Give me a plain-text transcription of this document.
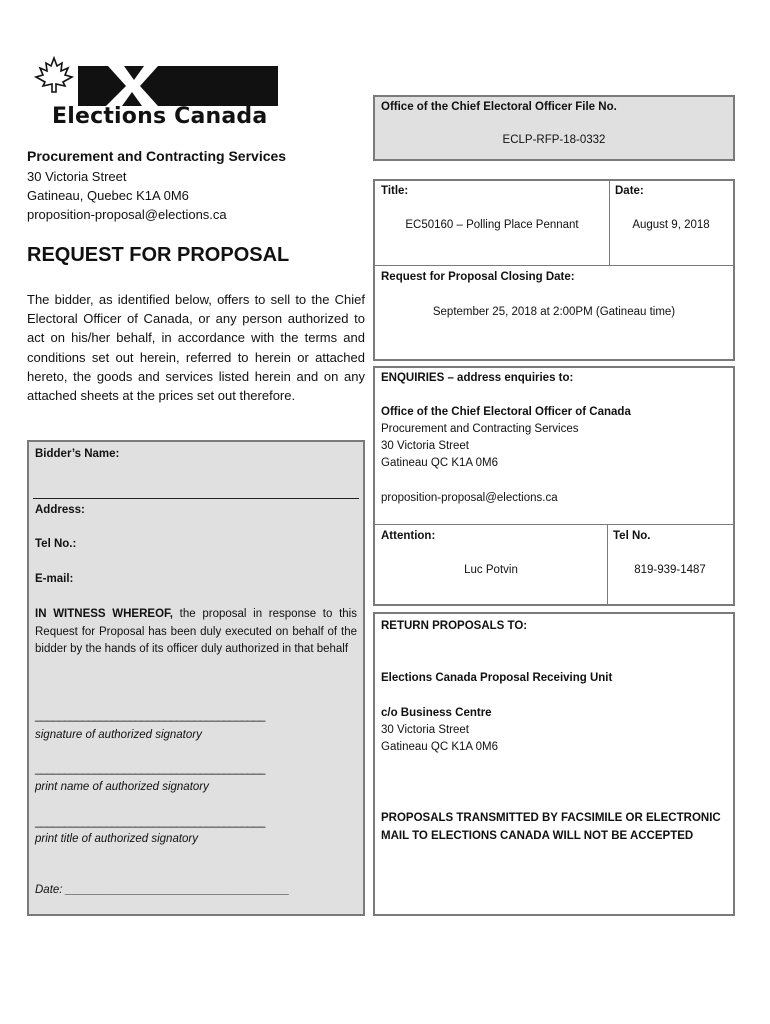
Elections Canada
Procurement and Contracting Services
30 Victoria Street
Gatineau, Quebec K1A 0M6
proposition-proposal@elections.ca
REQUEST FOR PROPOSAL
The bidder, as identified below, offers to sell to the Chief Electoral Officer of Canada, or any person authorized to act on his/her behalf, in accordance with the terms and conditions set out herein, referred to herein or attached hereto, the goods and services listed herein and on any attached sheets at the prices set out therefore.
Bidder’s Name:
Address:
Tel No.:
E-mail:
IN WITNESS WHEREOF, the proposal in response to this Request for Proposal has been duly executed on behalf of the bidder by the hands of its officer duly authorized in that behalf
_______________________________________
signature of authorized signatory
_______________________________________
print name of authorized signatory
_______________________________________
print title of authorized signatory
Date: ___________________________________
Office of the Chief Electoral Officer File No.
ECLP-RFP-18-0332
Title:	Date:
EC50160 – Polling Place Pennant	August 9, 2018
Request for Proposal Closing Date:
September 25, 2018 at 2:00PM (Gatineau time)
ENQUIRIES – address enquiries to:
Office of the Chief Electoral Officer of Canada
Procurement and Contracting Services
30 Victoria Street
Gatineau QC K1A 0M6
proposition-proposal@elections.ca
Attention:	Tel No.
Luc Potvin	819-939-1487
RETURN PROPOSALS TO:
Elections Canada Proposal Receiving Unit
c/o Business Centre
30 Victoria Street
Gatineau QC K1A 0M6
PROPOSALS TRANSMITTED BY FACSIMILE OR ELECTRONIC MAIL TO ELECTIONS CANADA WILL NOT BE ACCEPTED
